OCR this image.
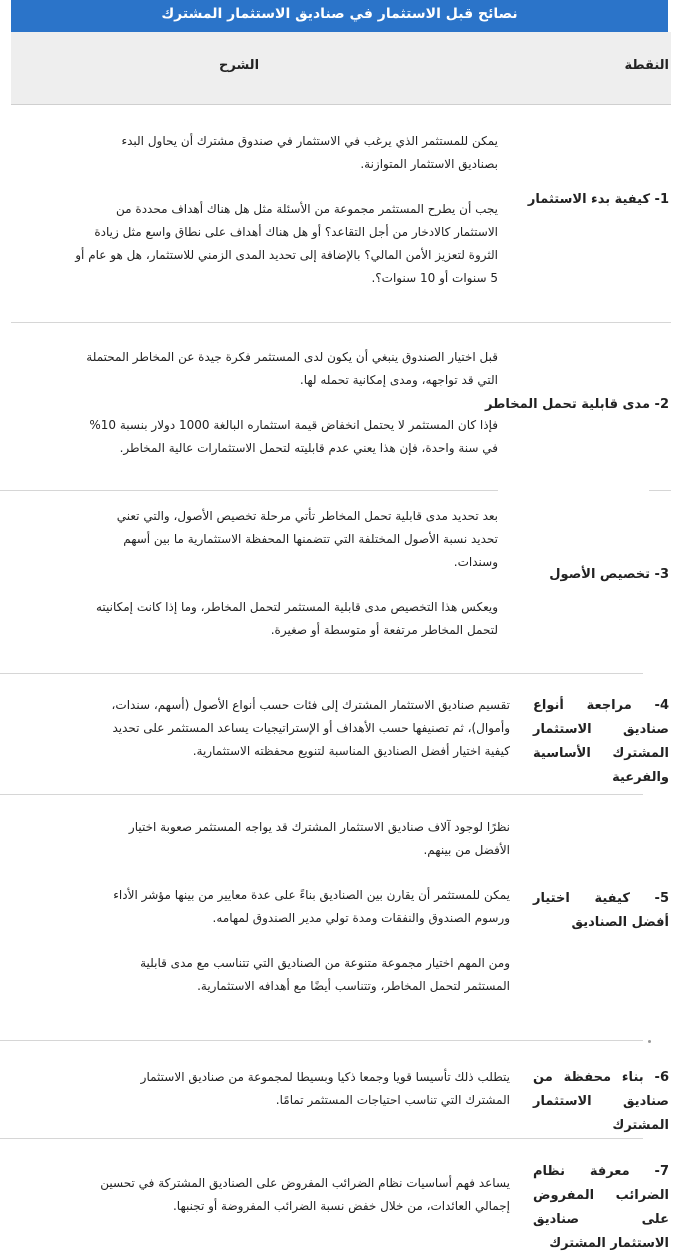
نصائح قبل الاستثمار في صناديق الاستثمار المشترك
النقطة
الشرح
1- كيفية بدء الاستثمار
يمكن للمستثمر الذي يرغب في الاستثمار في صندوق مشترك أن يحاول البدء
بصناديق الاستثمار المتوازنة.
يجب أن يطرح المستثمر مجموعة من الأسئلة مثل هل هناك أهداف محددة من
الاستثمار كالادخار من أجل التقاعد؟ أو هل هناك أهداف على نطاق واسع مثل زيادة
الثروة لتعزيز الأمن المالي؟ بالإضافة إلى تحديد المدى الزمني للاستثمار، هل هو عام أو
5 سنوات أو 10 سنوات؟.
2- مدى قابلية تحمل المخاطر
قبل اختيار الصندوق ينبغي أن يكون لدى المستثمر فكرة جيدة عن المخاطر المحتملة
التي قد تواجهه، ومدى إمكانية تحمله لها.
فإذا كان المستثمر لا يحتمل انخفاض قيمة استثماره البالغة 1000 دولار بنسبة 10%
في سنة واحدة، فإن هذا يعني عدم قابليته لتحمل الاستثمارات عالية المخاطر.
3- تخصيص الأصول
بعد تحديد مدى قابلية تحمل المخاطر تأتي مرحلة تخصيص الأصول، والتي تعني
تحديد نسبة الأصول المختلفة التي تتضمنها المحفظة الاستثمارية ما بين أسهم
وسندات.
ويعكس هذا التخصيص مدى قابلية المستثمر لتحمل المخاطر، وما إذا كانت إمكانيته
لتحمل المخاطر مرتفعة أو متوسطة أو صغيرة.
4- مراجعة أنواع صناديق الاستثمار المشترك الأساسية والفرعية
تقسيم صناديق الاستثمار المشترك إلى فئات حسب أنواع الأصول (أسهم، سندات،
وأموال)، ثم تصنيفها حسب الأهداف أو الإستراتيجيات يساعد المستثمر على تحديد
كيفية اختيار أفضل الصناديق المناسبة لتنويع محفظته الاستثمارية.
5- كيفية اختيار أفضل الصناديق
نظرًا لوجود آلاف صناديق الاستثمار المشترك قد يواجه المستثمر صعوبة اختيار
الأفضل من بينهم.
يمكن للمستثمر أن يقارن بين الصناديق بناءً على عدة معايير من بينها مؤشر الأداء
ورسوم الصندوق والنفقات ومدة تولي مدير الصندوق لمهامه.
ومن المهم اختيار مجموعة متنوعة من الصناديق التي تتناسب مع مدى قابلية
المستثمر لتحمل المخاطر، وتتناسب أيضًا مع أهدافه الاستثمارية.
6- بناء محفظة من صناديق الاستثمار المشترك
يتطلب ذلك تأسيسا قويا وجمعا ذكيا وبسيطا لمجموعة من صناديق الاستثمار
المشترك التي تناسب احتياجات المستثمر تمامًا.
7- معرفة نظام الضرائب المفروض على صناديق الاستثمار المشترك
يساعد فهم أساسيات نظام الضرائب المفروض على الصناديق المشتركة في تحسين
إجمالي العائدات، من خلال خفض نسبة الضرائب المفروضة أو تجنبها.
